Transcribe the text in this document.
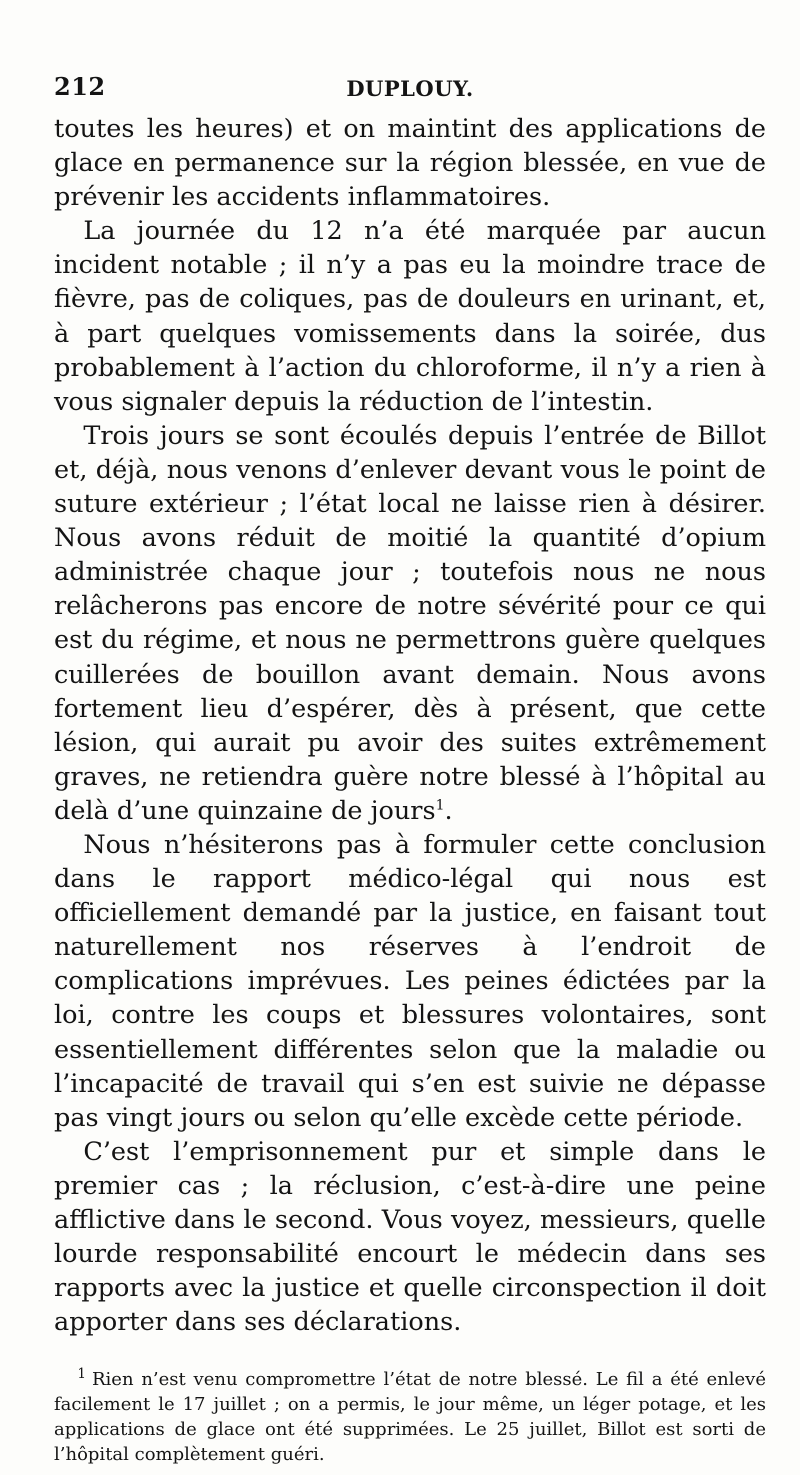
212	DUPLOUY.

toutes les heures) et on maintint des applications de glace en permanence sur la région blessée, en vue de prévenir les accidents inflammatoires.

La journée du 12 n’a été marquée par aucun incident notable ; il n’y a pas eu la moindre trace de fièvre, pas de coliques, pas de douleurs en urinant, et, à part quelques vomissements dans la soirée, dus probablement à l’action du chloroforme, il n’y a rien à vous signaler depuis la réduction de l’intestin.

Trois jours se sont écoulés depuis l’entrée de Billot et, déjà, nous venons d’enlever devant vous le point de suture extérieur ; l’état local ne laisse rien à désirer. Nous avons réduit de moitié la quantité d’opium administrée chaque jour ; toutefois nous ne nous relâcherons pas encore de notre sévérité pour ce qui est du régime, et nous ne permettrons guère quelques cuillerées de bouillon avant demain. Nous avons fortement lieu d’espérer, dès à présent, que cette lésion, qui aurait pu avoir des suites extrêmement graves, ne retiendra guère notre blessé à l’hôpital au delà d’une quinzaine de jours$^1$.

Nous n’hésiterons pas à formuler cette conclusion dans le rapport médico-légal qui nous est officiellement demandé par la justice, en faisant tout naturellement nos réserves à l’endroit de complications imprévues. Les peines édictées par la loi, contre les coups et blessures volontaires, sont essentiellement différentes selon que la maladie ou l’incapacité de travail qui s’en est suivie ne dépasse pas vingt jours ou selon qu’elle excède cette période.

C’est l’emprisonnement pur et simple dans le premier cas ; la réclusion, c’est-à-dire une peine afflictive dans le second. Vous voyez, messieurs, quelle lourde responsabilité encourt le médecin dans ses rapports avec la justice et quelle circonspection il doit apporter dans ses déclarations.

$^1$ Rien n’est venu compromettre l’état de notre blessé. Le fil a été enlevé facilement le 17 juillet ; on a permis, le jour même, un léger potage, et les applications de glace ont été supprimées. Le 25 juillet, Billot est sorti de l’hôpital complètement guéri.
